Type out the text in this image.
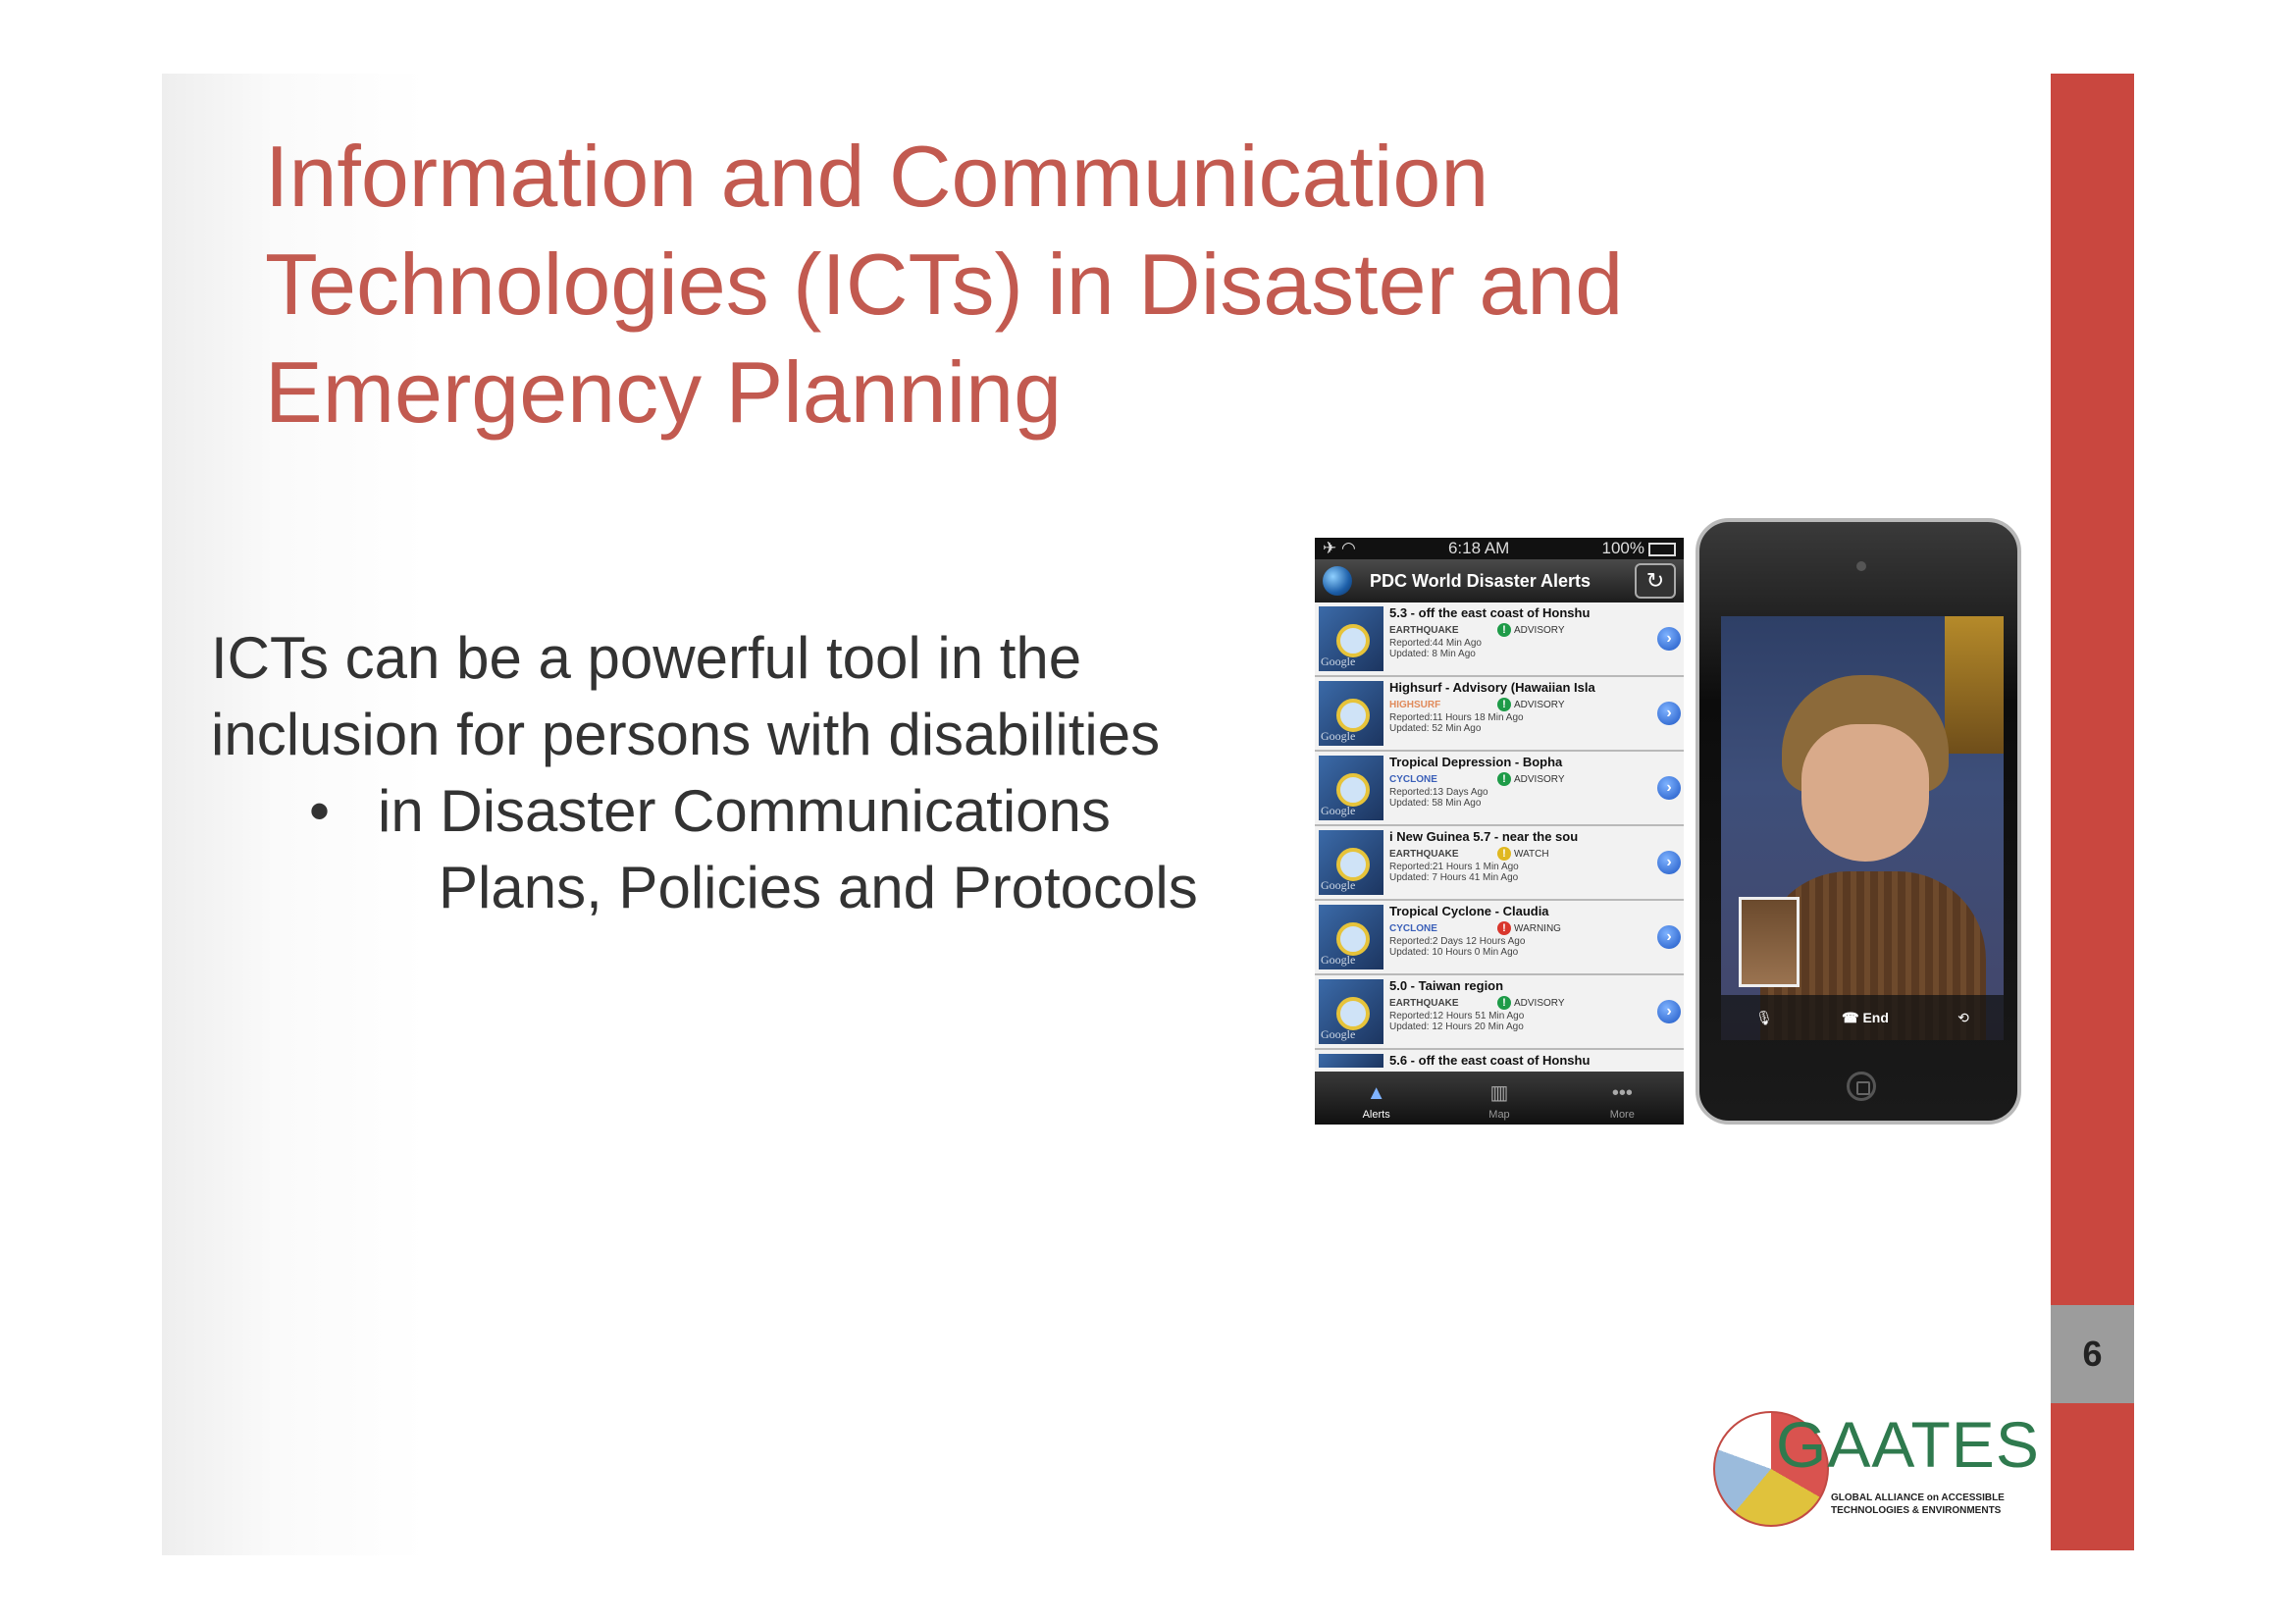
6
Information and Communication
Technologies (ICTs) in Disaster and
Emergency Planning
ICTs can be a powerful tool in the
inclusion for persons with disabilities
• in Disaster Communications
Plans, Policies and Protocols
✈ ◠	6:18 AM	100%
PDC World Disaster Alerts	↻
Google
5.3 - off the east coast of Honshu
EARTHQUAKE	! ADVISORY
Reported:44 Min Ago
Updated: 8 Min Ago
›
Google
Highsurf - Advisory (Hawaiian Isla
HIGHSURF	! ADVISORY
Reported:11 Hours 18 Min Ago
Updated: 52 Min Ago
›
Google
Tropical Depression - Bopha
CYCLONE	! ADVISORY
Reported:13 Days Ago
Updated: 58 Min Ago
›
Google
i New Guinea 5.7 - near the sou
EARTHQUAKE	! WATCH
Reported:21 Hours 1 Min Ago
Updated: 7 Hours 41 Min Ago
›
Google
Tropical Cyclone - Claudia
CYCLONE	! WARNING
Reported:2 Days 12 Hours Ago
Updated: 10 Hours 0 Min Ago
›
Google
5.0 - Taiwan region
EARTHQUAKE	! ADVISORY
Reported:12 Hours 51 Min Ago
Updated: 12 Hours 20 Min Ago
›
5.6 - off the east coast of Honshu
▲
Alerts
▥
Map
•••
More
🎙	☎ End	⟲
GAATES
GLOBAL ALLIANCE on ACCESSIBLE
TECHNOLOGIES & ENVIRONMENTS
